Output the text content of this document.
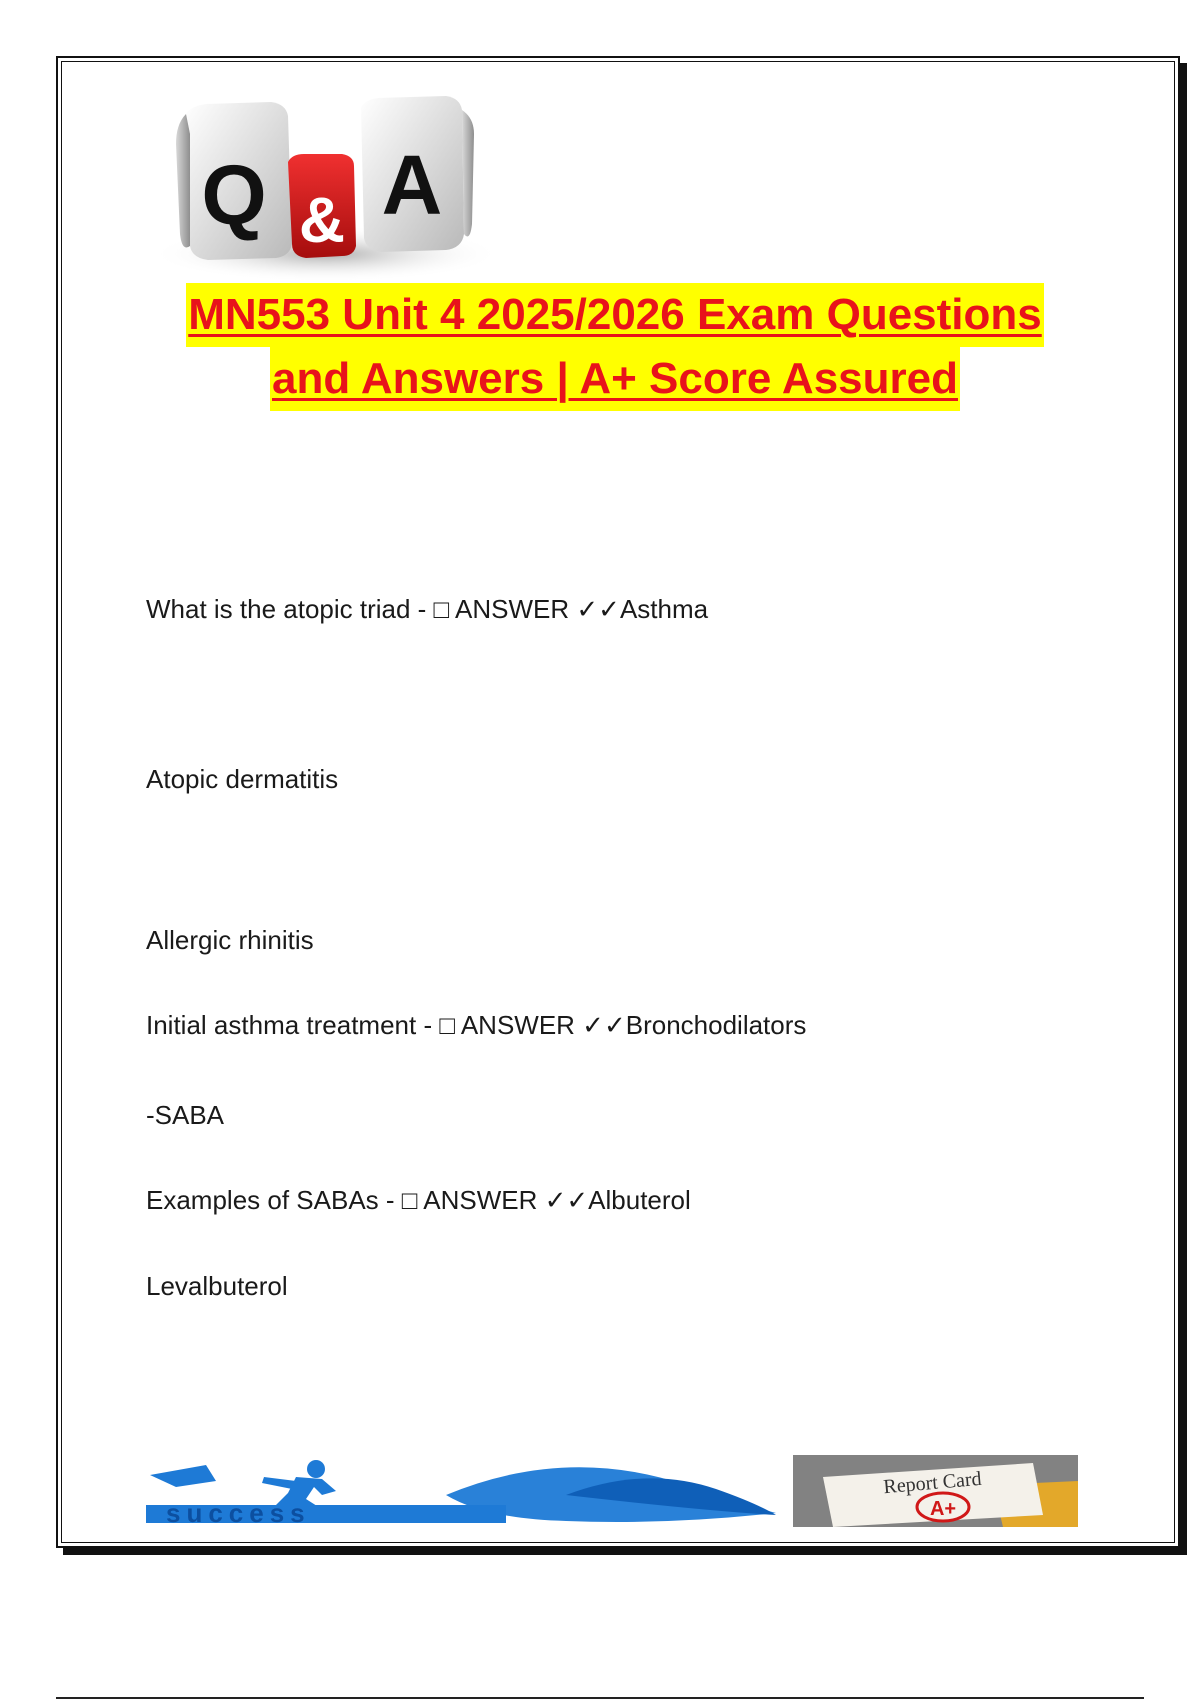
Q & A
MN553 Unit 4 2025/2026 Exam Questions
and Answers | A+ Score Assured
What is the atopic triad - □ ANSWER ✓✓Asthma
Atopic dermatitis
Allergic rhinitis
Initial asthma treatment - □ ANSWER ✓✓Bronchodilators
-SABA
Examples of SABAs - □ ANSWER ✓✓Albuterol
Levalbuterol
success
Report Card
A+
